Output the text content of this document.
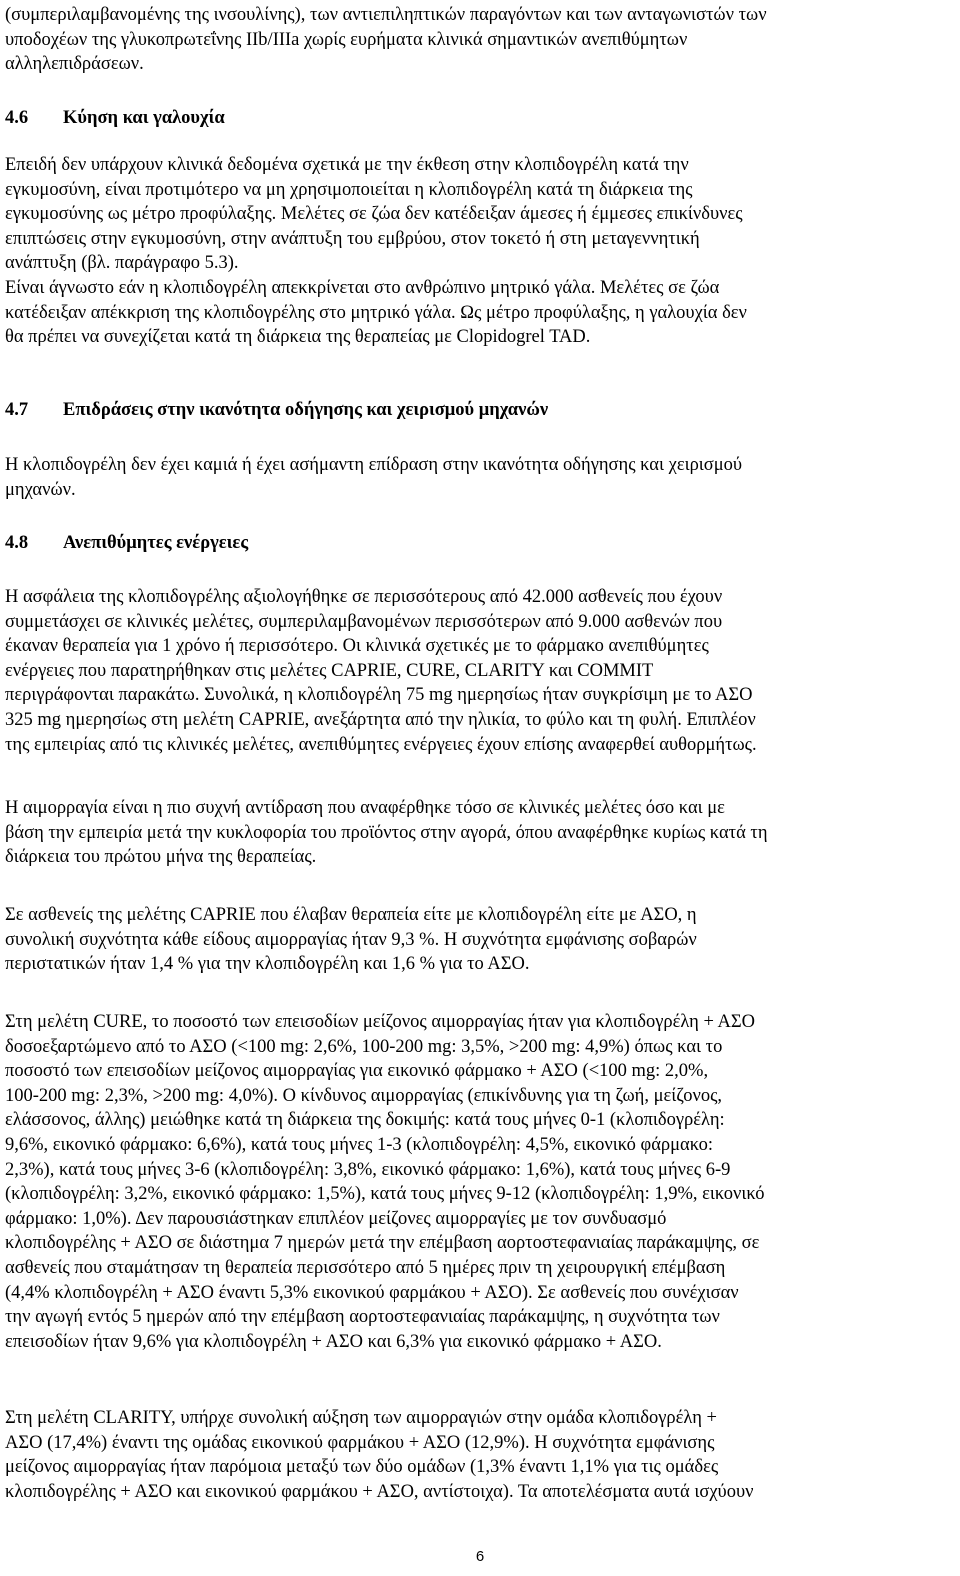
(συμπεριλαμβανομένης της ινσουλίνης), των αντιεπιληπτικών παραγόντων και των ανταγωνιστών των
υποδοχέων της γλυκοπρωτεΐνης IIb/IIIa χωρίς ευρήματα κλινικά σημαντικών ανεπιθύμητων
αλληλεπιδράσεων.

4.6	Κύηση και γαλουχία

Επειδή δεν υπάρχουν κλινικά δεδομένα σχετικά με την έκθεση στην κλοπιδογρέλη κατά την
εγκυμοσύνη, είναι προτιμότερο να μη χρησιμοποιείται η κλοπιδογρέλη κατά τη διάρκεια της
εγκυμοσύνης ως μέτρο προφύλαξης. Μελέτες σε ζώα δεν κατέδειξαν άμεσες ή έμμεσες επικίνδυνες
επιπτώσεις στην εγκυμοσύνη, στην ανάπτυξη του εμβρύου, στον τοκετό ή στη μεταγεννητική
ανάπτυξη (βλ. παράγραφο 5.3).

Είναι άγνωστο εάν η κλοπιδογρέλη απεκκρίνεται στο ανθρώπινο μητρικό γάλα. Μελέτες σε ζώα
κατέδειξαν απέκκριση της κλοπιδογρέλης στο μητρικό γάλα. Ως μέτρο προφύλαξης, η γαλουχία δεν
θα πρέπει να συνεχίζεται κατά τη διάρκεια της θεραπείας με Clopidogrel TAD.

4.7	Επιδράσεις στην ικανότητα οδήγησης και χειρισμού μηχανών

Η κλοπιδογρέλη δεν έχει καμιά ή έχει ασήμαντη επίδραση στην ικανότητα οδήγησης και χειρισμού
μηχανών.

4.8	Ανεπιθύμητες ενέργειες

Η ασφάλεια της κλοπιδογρέλης αξιολογήθηκε σε περισσότερους από 42.000 ασθενείς που έχουν
συμμετάσχει σε κλινικές μελέτες, συμπεριλαμβανομένων περισσότερων από 9.000 ασθενών που
έκαναν θεραπεία για 1 χρόνο ή περισσότερο. Οι κλινικά σχετικές με το φάρμακο ανεπιθύμητες
ενέργειες που παρατηρήθηκαν στις μελέτες CAPRIE, CURE, CLARITY και COMMIT
περιγράφονται παρακάτω. Συνολικά, η κλοπιδογρέλη 75 mg ημερησίως ήταν συγκρίσιμη με το ΑΣΟ
325 mg ημερησίως στη μελέτη CAPRIE, ανεξάρτητα από την ηλικία, το φύλο και τη φυλή. Επιπλέον
της εμπειρίας από τις κλινικές μελέτες, ανεπιθύμητες ενέργειες έχουν επίσης αναφερθεί αυθορμήτως.

Η αιμορραγία είναι η πιο συχνή αντίδραση που αναφέρθηκε τόσο σε κλινικές μελέτες όσο και με
βάση την εμπειρία μετά την κυκλοφορία του προϊόντος στην αγορά, όπου αναφέρθηκε κυρίως κατά τη
διάρκεια του πρώτου μήνα της θεραπείας.

Σε ασθενείς της μελέτης CAPRIE που έλαβαν θεραπεία είτε με κλοπιδογρέλη είτε με ΑΣΟ, η
συνολική συχνότητα κάθε είδους αιμορραγίας ήταν 9,3 %. Η συχνότητα εμφάνισης σοβαρών
περιστατικών ήταν 1,4 % για την κλοπιδογρέλη και 1,6 % για το ΑΣΟ.

Στη μελέτη CURE, το ποσοστό των επεισοδίων μείζονος αιμορραγίας ήταν για κλοπιδογρέλη + ΑΣΟ
δοσοεξαρτώμενο από το ΑΣΟ (<100 mg: 2,6%, 100-200 mg: 3,5%, >200 mg: 4,9%) όπως και το
ποσοστό των επεισοδίων μείζονος αιμορραγίας για εικονικό φάρμακο + ΑΣΟ (<100 mg: 2,0%,
100-200 mg: 2,3%, >200 mg: 4,0%). Ο κίνδυνος αιμορραγίας (επικίνδυνης για τη ζωή, μείζονος,
ελάσσονος, άλλης) μειώθηκε κατά τη διάρκεια της δοκιμής: κατά τους μήνες 0-1 (κλοπιδογρέλη:
9,6%, εικονικό φάρμακο: 6,6%), κατά τους μήνες 1-3 (κλοπιδογρέλη: 4,5%, εικονικό φάρμακο:
2,3%), κατά τους μήνες 3-6 (κλοπιδογρέλη: 3,8%, εικονικό φάρμακο: 1,6%), κατά τους μήνες 6-9
(κλοπιδογρέλη: 3,2%, εικονικό φάρμακο: 1,5%), κατά τους μήνες 9-12 (κλοπιδογρέλη: 1,9%, εικονικό
φάρμακο: 1,0%). Δεν παρουσιάστηκαν επιπλέον μείζονες αιμορραγίες με τον συνδυασμό
κλοπιδογρέλης + ΑΣΟ σε διάστημα 7 ημερών μετά την επέμβαση αορτοστεφανιαίας παράκαμψης, σε
ασθενείς που σταμάτησαν τη θεραπεία περισσότερο από 5 ημέρες πριν τη χειρουργική επέμβαση
(4,4% κλοπιδογρέλη + ΑΣΟ έναντι 5,3% εικονικού φαρμάκου + ΑΣΟ). Σε ασθενείς που συνέχισαν
την αγωγή εντός 5 ημερών από την επέμβαση αορτοστεφανιαίας παράκαμψης, η συχνότητα των
επεισοδίων ήταν 9,6% για κλοπιδογρέλη + ΑΣΟ και 6,3% για εικονικό φάρμακο + ΑΣΟ.

Στη μελέτη CLARITY, υπήρχε συνολική αύξηση των αιμορραγιών στην ομάδα κλοπιδογρέλη +
ΑΣΟ (17,4%) έναντι της ομάδας εικονικού φαρμάκου + ΑΣΟ (12,9%). Η συχνότητα εμφάνισης
μείζονος αιμορραγίας ήταν παρόμοια μεταξύ των δύο ομάδων (1,3% έναντι 1,1% για τις ομάδες
κλοπιδογρέλης + ΑΣΟ και εικονικού φαρμάκου + ΑΣΟ, αντίστοιχα). Τα αποτελέσματα αυτά ισχύουν

6
